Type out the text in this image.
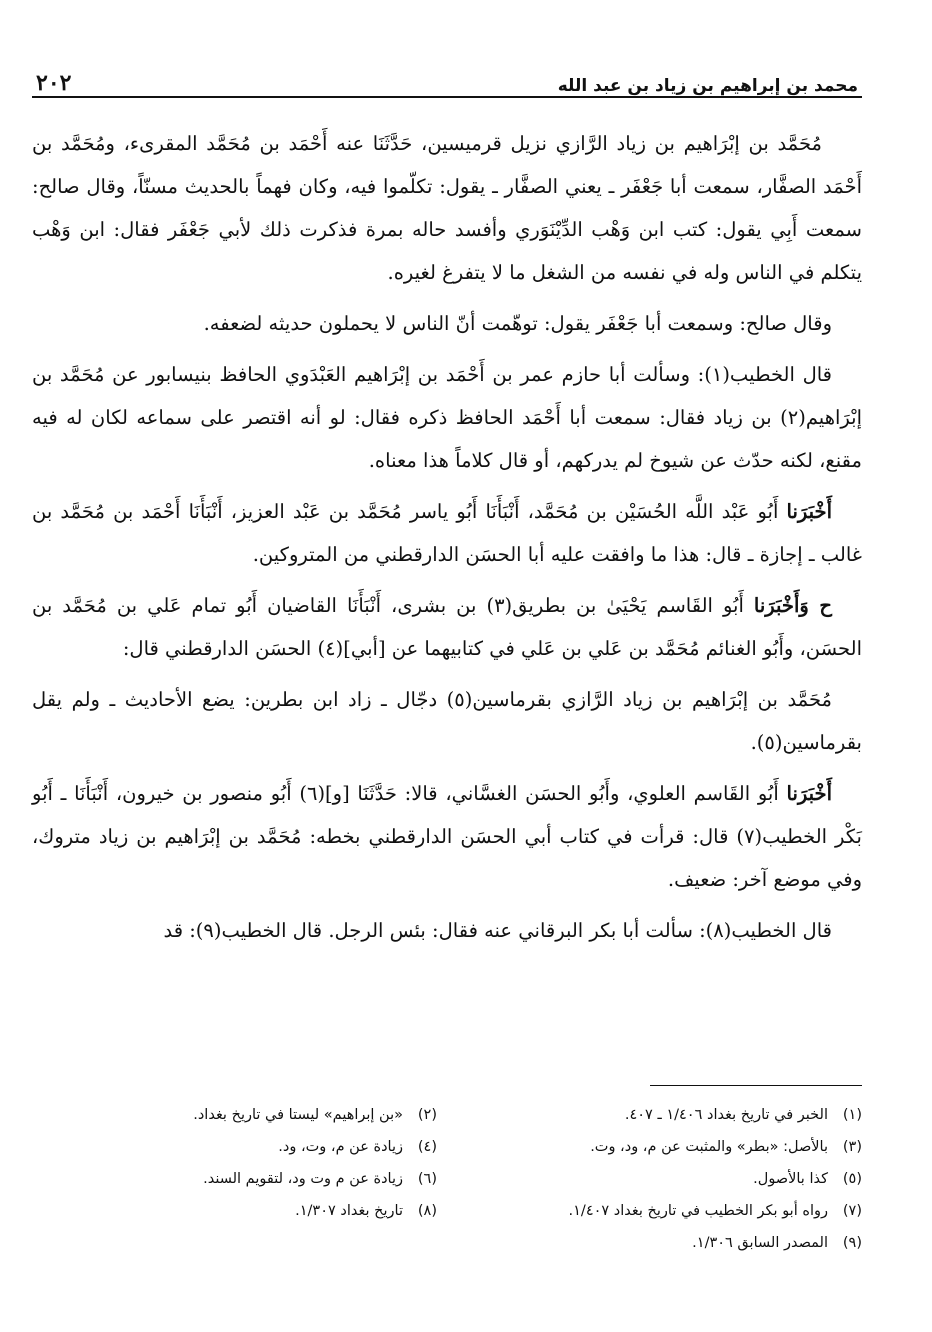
محمد بن إبراهيم بن زياد بن عبد الله
٢٠٢

مُحَمَّد بن إبْرَاهيم بن زياد الرَّازي نزيل قرميسين، حَدَّثَنَا عنه أَحْمَد بن مُحَمَّد المقرىء، ومُحَمَّد بن أَحْمَد الصفَّار، سمعت أبا جَعْفَر ـ يعني الصفَّار ـ يقول: تكلّموا فيه، وكان فهماً بالحديث مسنّاً، وقال صالح: سمعت أَبِي يقول: كتب ابن وَهْب الدِّيْنَوَري وأفسد حاله بمرة فذكرت ذلك لأبي جَعْفَر فقال: ابن وَهْب يتكلم في الناس وله في نفسه من الشغل ما لا يتفرغ لغيره.

وقال صالح: وسمعت أبا جَعْفَر يقول: توهّمت أنّ الناس لا يحملون حديثه لضعفه.

قال الخطيب(١): وسألت أبا حازم عمر بن أَحْمَد بن إبْرَاهيم العَبْدَوي الحافظ بنيسابور عن مُحَمَّد بن إبْرَاهيم(٢) بن زياد فقال: سمعت أبا أَحْمَد الحافظ ذكره فقال: لو أنه اقتصر على سماعه لكان له فيه مقنع، لكنه حدّث عن شيوخ لم يدركهم، أو قال كلاماً هذا معناه.

أَخْبَرَنا أَبُو عَبْد اللَّه الحُسَيْن بن مُحَمَّد، أَنْبَأَنَا أَبُو ياسر مُحَمَّد بن عَبْد العزيز، أَنْبَأَنَا أَحْمَد بن مُحَمَّد بن غالب ـ إجازة ـ قال: هذا ما وافقت عليه أبا الحسَن الدارقطني من المتروكين.

ح وَأَخْبَرَنا أَبُو القَاسم يَحْيَىٰ بن بطريق(٣) بن بشرى، أَنْبَأَنَا القاضيان أَبُو تمام عَلي بن مُحَمَّد بن الحسَن، وأَبُو الغنائم مُحَمَّد بن عَلي بن عَلي في كتابيهما عن [أبي](٤) الحسَن الدارقطني قال:

مُحَمَّد بن إبْرَاهيم بن زياد الرَّازي بقرماسين(٥) دجّال ـ زاد ابن بطرين: يضع الأحاديث ـ ولم يقل بقرماسين(٥).

أَخْبَرَنا أَبُو القَاسم العلوي، وأَبُو الحسَن الغسَّاني، قالا: حَدَّثَنَا [و](٦) أَبُو منصور بن خيرون، أَنْبَأَنَا ـ أَبُو بَكْر الخطيب(٧) قال: قرأت في كتاب أبي الحسَن الدارقطني بخطه: مُحَمَّد بن إبْرَاهيم بن زياد متروك، وفي موضع آخر: ضعيف.

قال الخطيب(٨): سألت أبا بكر البرقاني عنه فقال: بئس الرجل. قال الخطيب(٩): قد

(١)الخبر في تاريخ بغداد ١/٤٠٦ ـ ٤٠٧.
(٢)«بن إبراهيم» ليستا في تاريخ بغداد.
(٣)بالأصل: «بطر» والمثبت عن م، ود، وت.
(٤)زيادة عن م، وت، ود.
(٥)كذا بالأصول.
(٦)زيادة عن م وت ود، لتقويم السند.
(٧)رواه أبو بكر الخطيب في تاريخ بغداد ١/٤٠٧.
(٨)تاريخ بغداد ١/٣٠٧.
(٩)المصدر السابق ١/٣٠٦.
